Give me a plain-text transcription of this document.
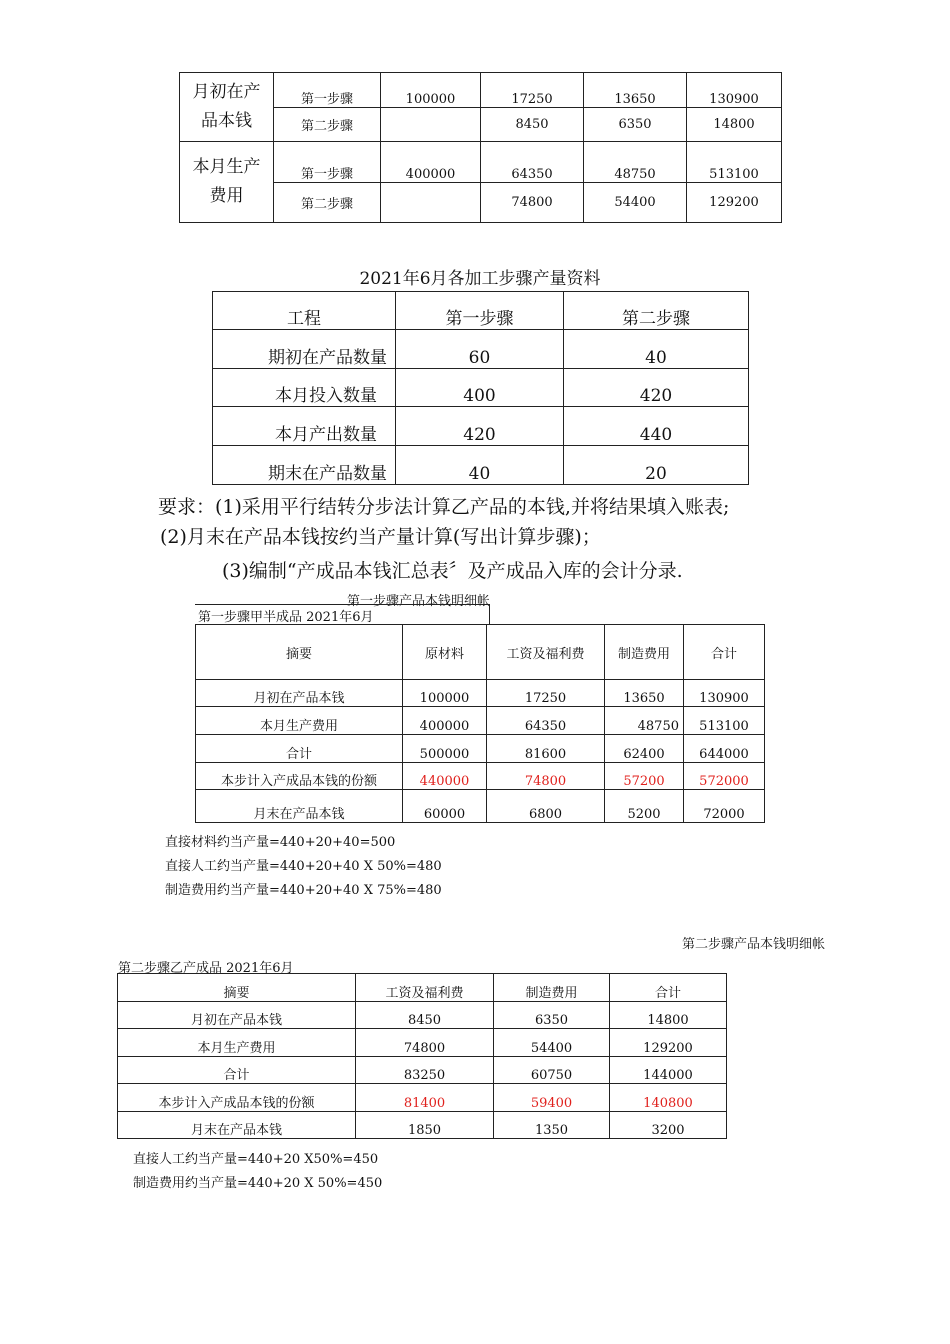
月初在产
品本钱	第一步骤	100000	17250	13650	130900
	第二步骤		8450	6350	14800
本月生产
费用	第一步骤	400000	64350	48750	513100
	第二步骤		74800	54400	129200
2021年6月各加工步骤产量资料
工程	第一步骤	第二步骤
期初在产品数量	60	40
本月投入数量	400	420
本月产出数量	420	440
期末在产品数量	40	20
要求：(1)采用平行结转分步法计算乙产品的本钱,并将结果填入账表;
(2)月末在产品本钱按约当产量计算(写出计算步骤)；
(3)编制“产成品本钱汇总表〞及产成品入库的会计分录.
第一步骤产品本钱明细帐
第一步骤甲半成品 2021年6月
摘要	原材料	工资及福利费	制造费用	合计
月初在产品本钱	100000	17250	13650	130900
本月生产费用	400000	64350	48750	513100
合计	500000	81600	62400	644000
本步计入产成品本钱的份额	440000	74800	57200	572000
月末在产品本钱	60000	6800	5200	72000
直接材料约当产量=440+20+40=500
直接人工约当产量=440+20+40 X 50%=480
制造费用约当产量=440+20+40 X 75%=480
第二步骤产品本钱明细帐
第二步骤乙产成品 2021年6月
摘要	工资及福利费	制造费用	合计
月初在产品本钱	8450	6350	14800
本月生产费用	74800	54400	129200
合计	83250	60750	144000
本步计入产成品本钱的份额	81400	59400	140800
月末在产品本钱	1850	1350	3200
直接人工约当产量=440+20 X50%=450
制造费用约当产量=440+20 X 50%=450
